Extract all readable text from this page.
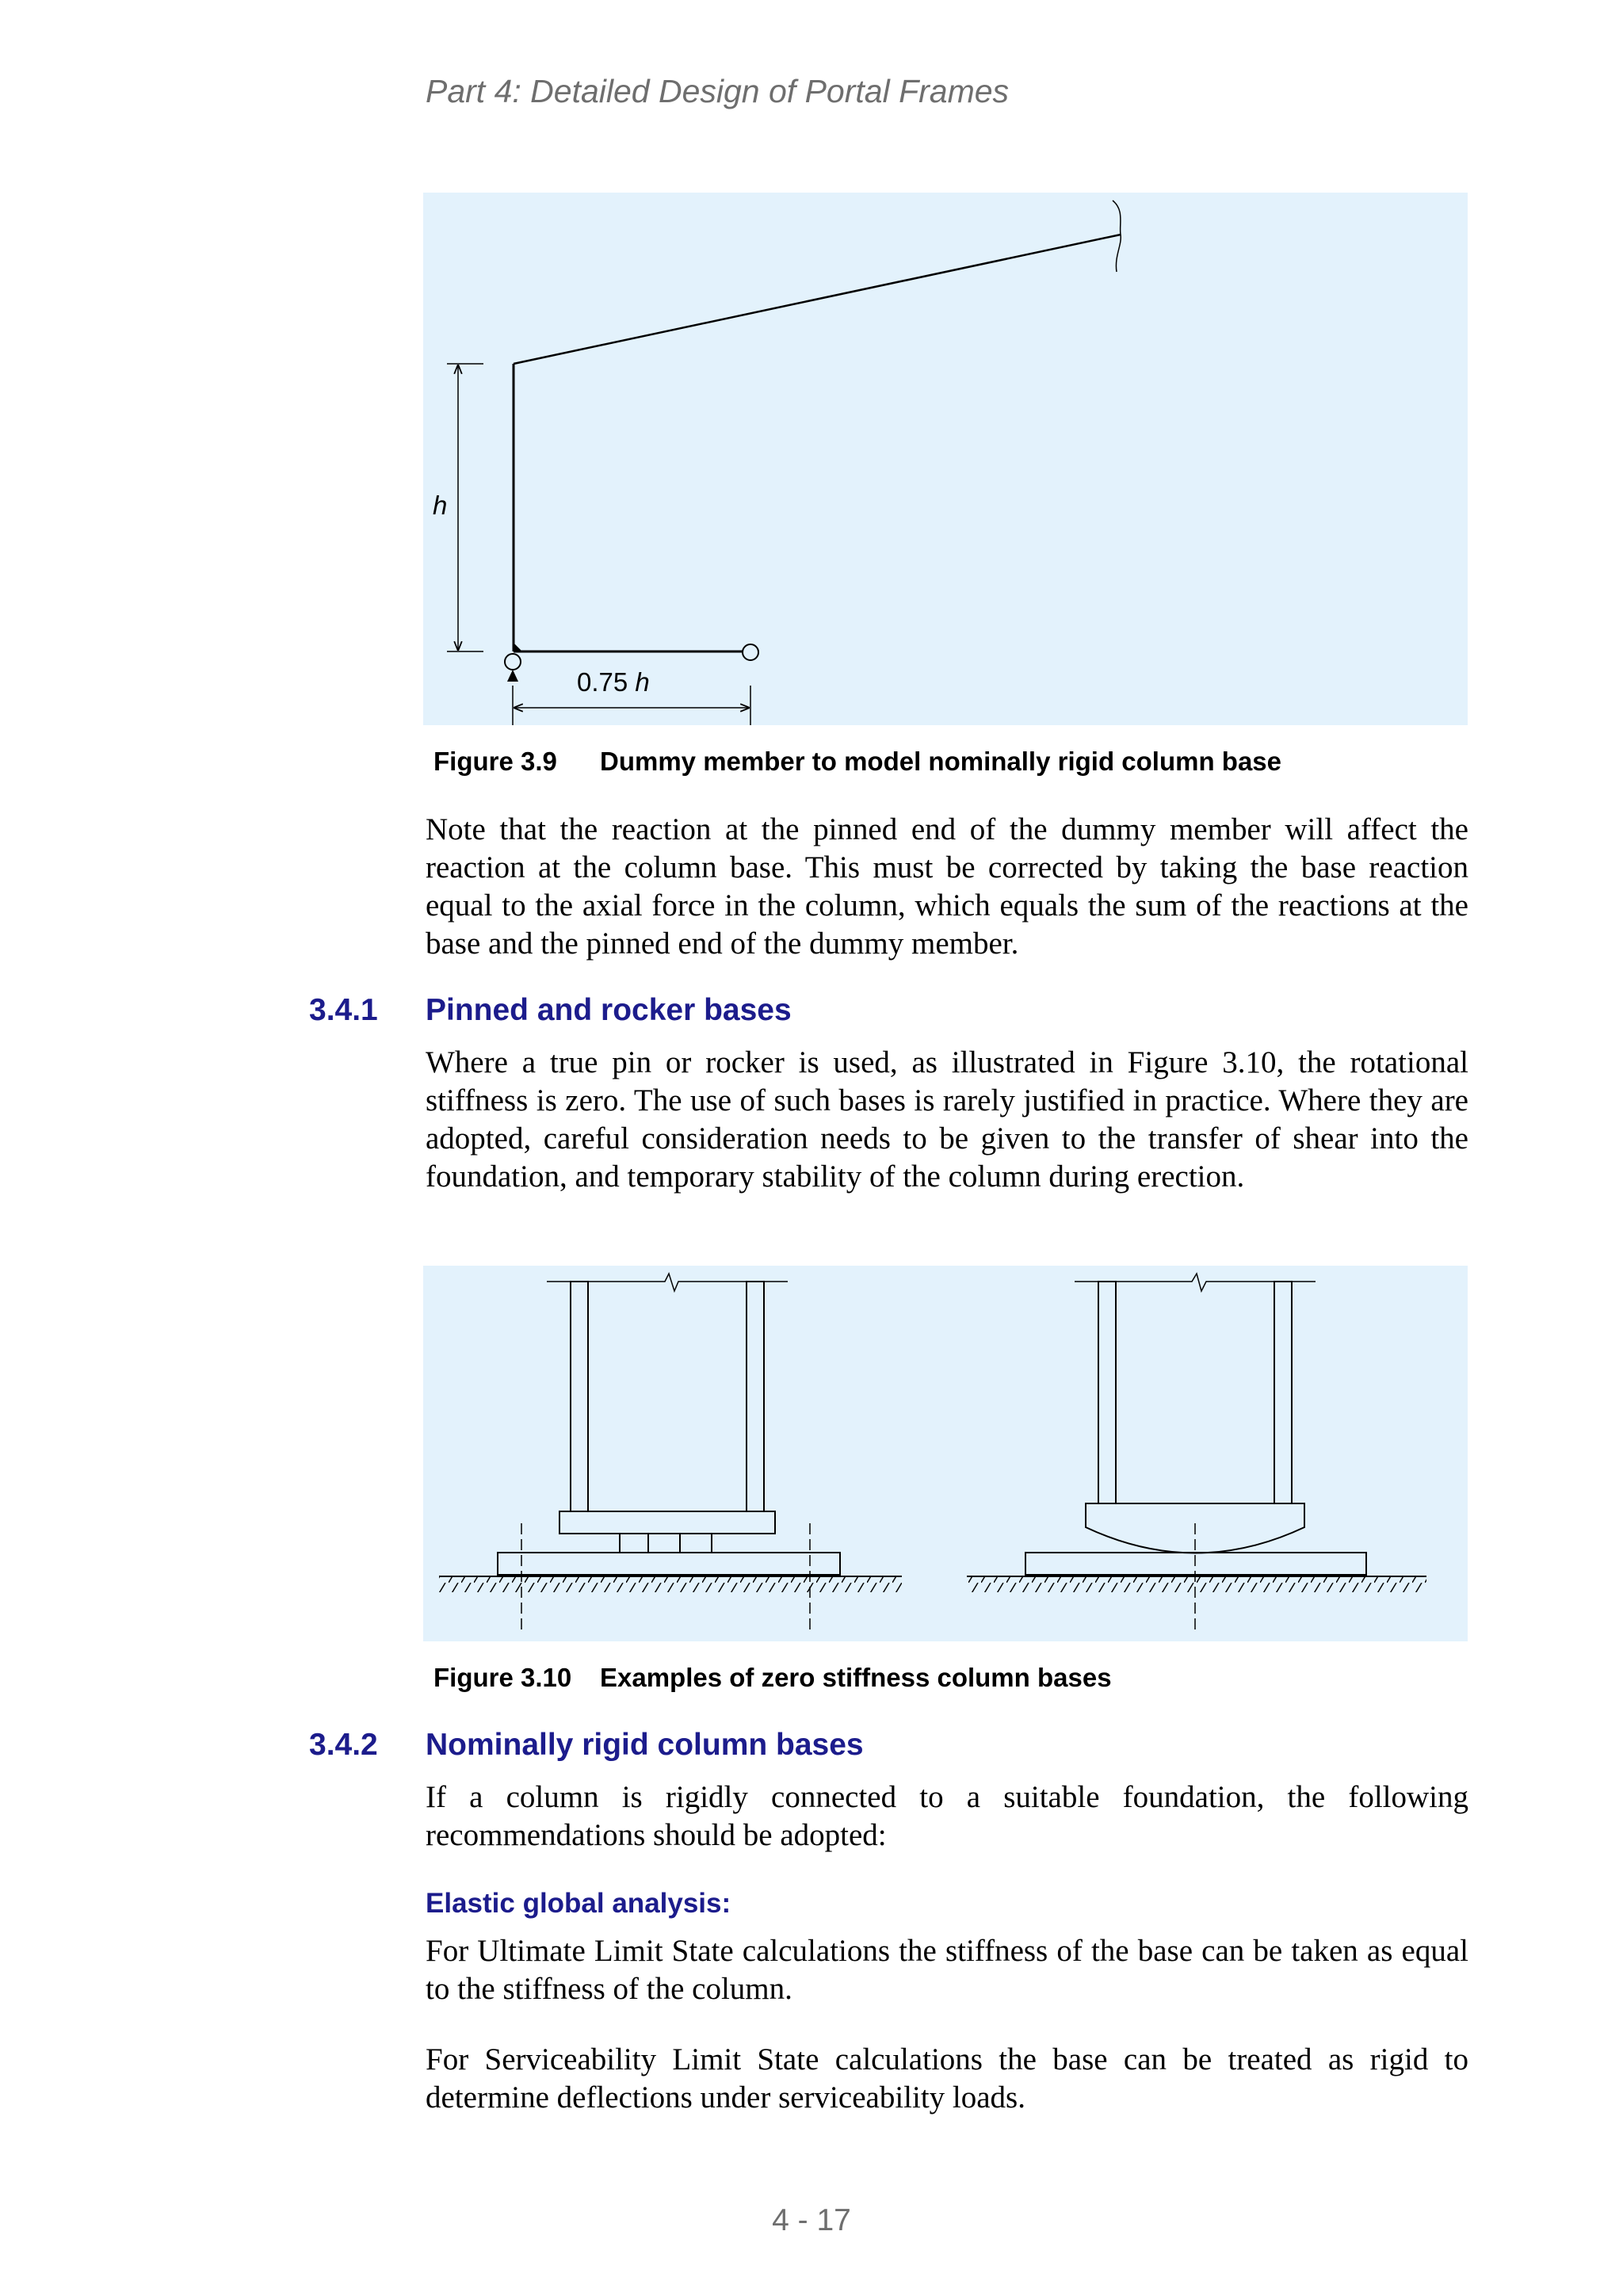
Part 4: Detailed Design of Portal Frames
h
0.75 h
Figure 3.9 Dummy member to model nominally rigid column base

Note that the reaction at the pinned end of the dummy member will affect the reaction at the column base. This must be corrected by taking the base reaction equal to the axial force in the column, which equals the sum of the reactions at the base and the pinned end of the dummy member.

3.4.1 Pinned and rocker bases

Where a true pin or rocker is used, as illustrated in Figure 3.10, the rotational stiffness is zero. The use of such bases is rarely justified in practice. Where they are adopted, careful consideration needs to be given to the transfer of shear into the foundation, and temporary stability of the column during erection.

Figure 3.10 Examples of zero stiffness column bases
3.4.2 Nominally rigid column bases

If a column is rigidly connected to a suitable foundation, the following recommendations should be adopted:

Elastic global analysis:

For Ultimate Limit State calculations the stiffness of the base can be taken as equal to the stiffness of the column.

For Serviceability Limit State calculations the base can be treated as rigid to determine deflections under serviceability loads.

4 - 17
